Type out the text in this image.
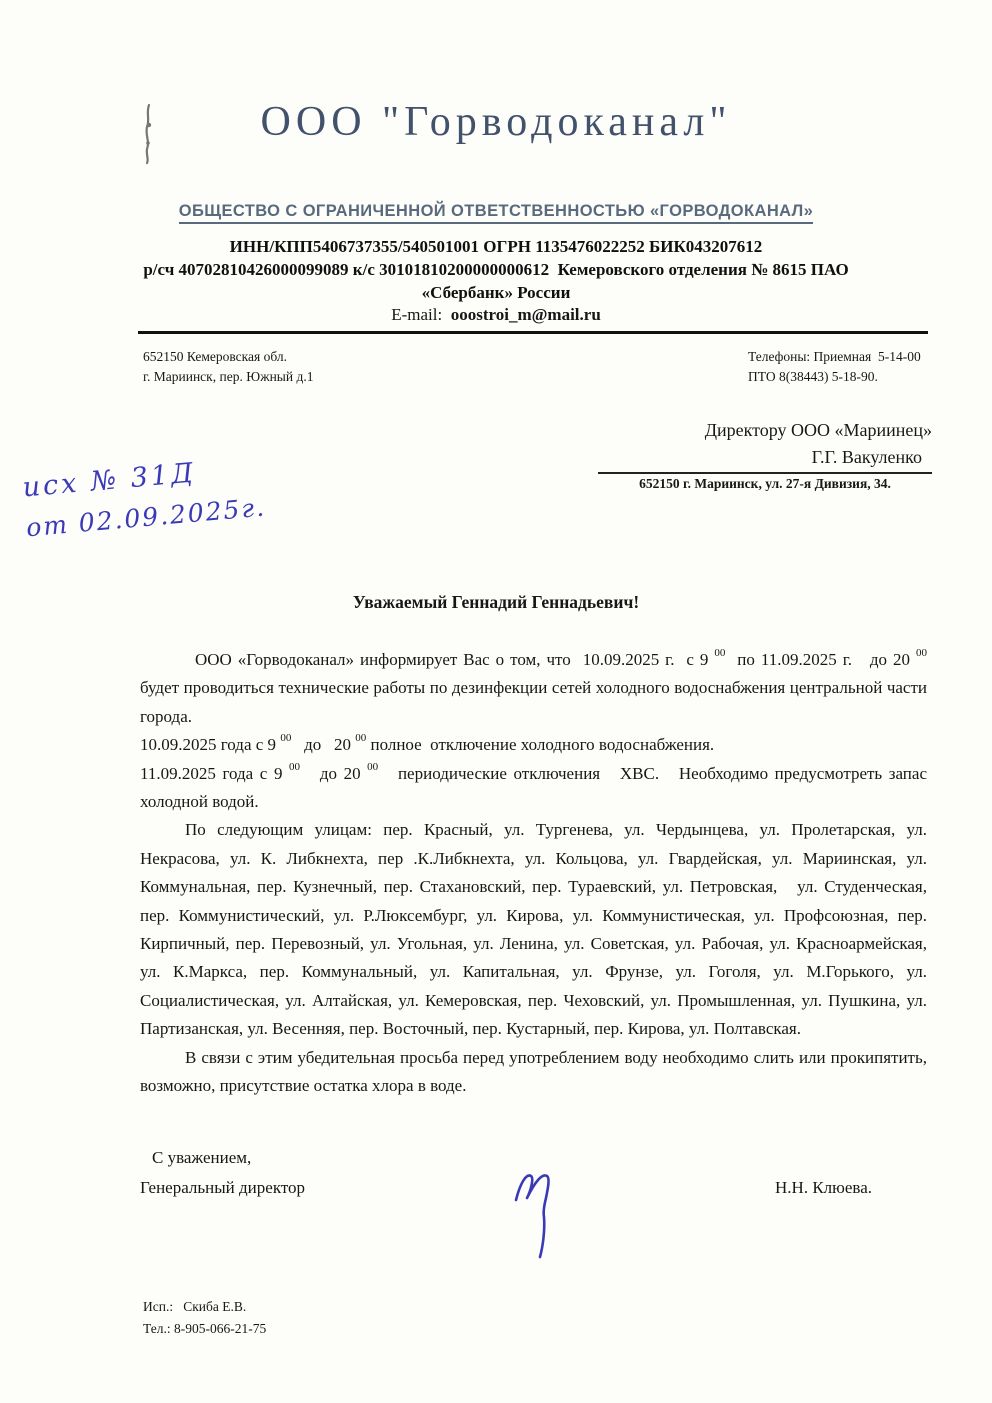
ООО "Горводоканал"
ОБЩЕСТВО С ОГРАНИЧЕННОЙ ОТВЕТСТВЕННОСТЬЮ «ГОРВОДОКАНАЛ»
ИНН/КПП5406737355/540501001 ОГРН 1135476022252 БИК043207612
р/сч 40702810426000099089 к/с 30101810200000000612  Кемеровского отделения № 8615 ПАО
«Сбербанк» России
E-mail:  ooostroi_m@mail.ru
652150 Кемеровская обл.
г. Мариинск, пер. Южный д.1
Телефоны: Приемная  5-14-00
ПТО 8(38443) 5-18-90.
Директору ООО «Мариинец»
Г.Г. Вакуленко
652150 г. Мариинск, ул. 27-я Дивизия, 34.
исх № 31Д
от 02.09.2025г.
Уважаемый Геннадий Геннадьевич!

ООО «Горводоканал» информирует Вас о том, что  10.09.2025 г.  с 9 $^{00}$  по 11.09.2025 г.   до 20 $^{00}$  будет проводиться технические работы по дезинфекции сетей холодного водоснабжения центральной части города.

10.09.2025 года с 9 $^{00}$   до   20 $^{00}$ полное  отключение холодного водоснабжения.

11.09.2025 года с 9 $^{00}$   до 20 $^{00}$   периодические отключения   ХВС.   Необходимо предусмотреть запас холодной водой.

По следующим улицам: пер. Красный, ул. Тургенева, ул. Чердынцева, ул. Пролетарская, ул. Некрасова, ул. К. Либкнехта, пер .К.Либкнехта, ул. Кольцова, ул. Гвардейская, ул. Мариинская, ул. Коммунальная, пер. Кузнечный, пер. Стахановский, пер. Тураевский, ул. Петровская,   ул. Студенческая, пер. Коммунистический, ул. Р.Люксембург, ул. Кирова, ул. Коммунистическая, ул. Профсоюзная, пер. Кирпичный, пер. Перевозный, ул. Угольная, ул. Ленина, ул. Советская, ул. Рабочая, ул. Красноармейская, ул. К.Маркса, пер. Коммунальный, ул. Капитальная, ул. Фрунзе, ул. Гоголя, ул. М.Горького, ул. Социалистическая, ул. Алтайская, ул. Кемеровская, пер. Чеховский, ул. Промышленная, ул. Пушкина, ул. Партизанская, ул. Весенняя, пер. Восточный, пер. Кустарный, пер. Кирова, ул. Полтавская.

В связи с этим убедительная просьба перед употреблением воду необходимо слить или прокипятить, возможно, присутствие остатка хлора в воде.

С уважением,
Генеральный директор	Н.Н. Клюева.
Исп.:   Скиба Е.В.
Тел.: 8-905-066-21-75
